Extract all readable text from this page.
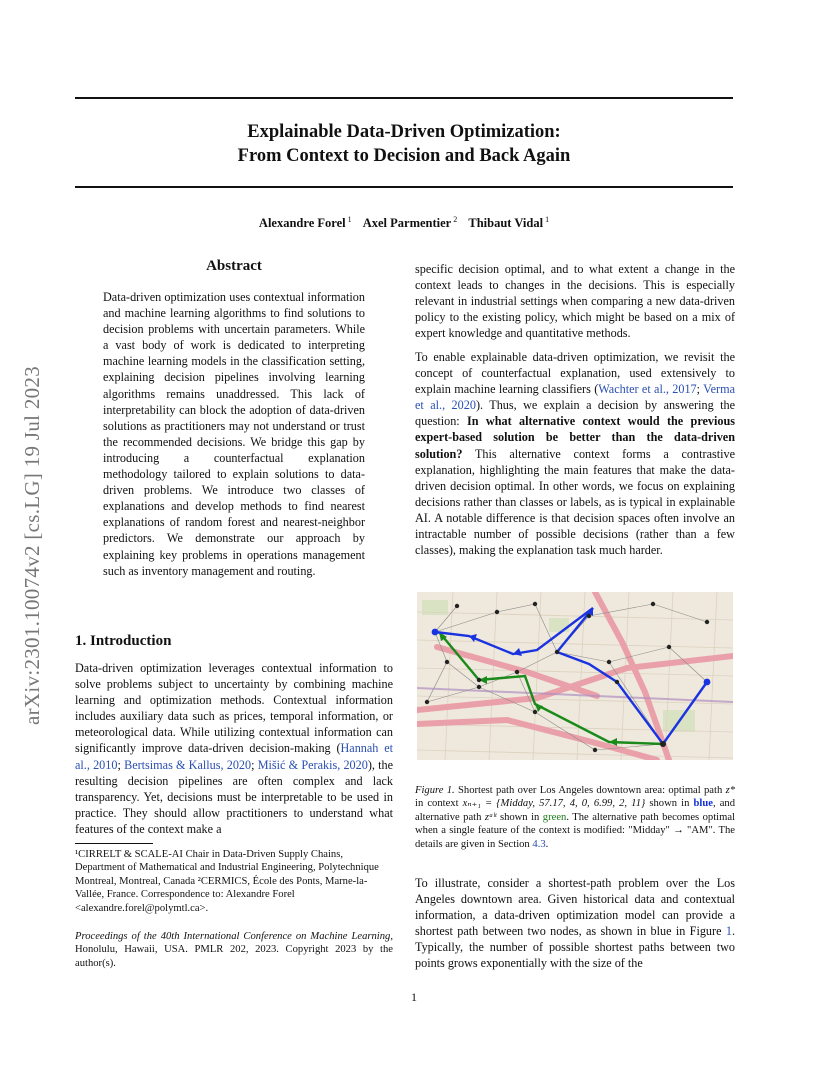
Explainable Data-Driven Optimization:
From Context to Decision and Back Again
Alexandre Forel $^1$ Axel Parmentier $^2$ Thibaut Vidal $^1$
arXiv:2301.10074v2 [cs.LG] 19 Jul 2023
Abstract

Data-driven optimization uses contextual information and machine learning algorithms to find solutions to decision problems with uncertain parameters. While a vast body of work is dedicated to interpreting machine learning models in the classification setting, explaining decision pipelines involving learning algorithms remains unaddressed. This lack of interpretability can block the adoption of data-driven solutions as practitioners may not understand or trust the recommended decisions. We bridge this gap by introducing a counterfactual explanation methodology tailored to explain solutions to data-driven problems. We introduce two classes of explanations and develop methods to find nearest explanations of random forest and nearest-neighbor predictors. We demonstrate our approach by explaining key problems in operations management such as inventory management and routing.

1. Introduction

Data-driven optimization leverages contextual information to solve problems subject to uncertainty by combining machine learning and optimization methods. Contextual information includes auxiliary data such as prices, temporal information, or meteorological data. While utilizing contextual information can significantly improve data-driven decision-making (Hannah et al., 2010; Bertsimas & Kallus, 2020; Mišić & Perakis, 2020), the resulting decision pipelines are often complex and lack transparency. Yet, decisions must be interpretable to be used in practice. They should allow practitioners to understand what features of the context make a

¹CIRRELT & SCALE-AI Chair in Data-Driven Supply Chains, Department of Mathematical and Industrial Engineering, Polytechnique Montreal, Montreal, Canada ²CERMICS, École des Ponts, Marne-la-Vallée, France. Correspondence to: Alexandre Forel <alexandre.forel@polymtl.ca>.

Proceedings of the 40th International Conference on Machine Learning, Honolulu, Hawaii, USA. PMLR 202, 2023. Copyright 2023 by the author(s).

specific decision optimal, and to what extent a change in the context leads to changes in the decisions. This is especially relevant in industrial settings when comparing a new data-driven policy to the existing policy, which might be based on a mix of expert knowledge and quantitative methods.

To enable explainable data-driven optimization, we revisit the concept of counterfactual explanation, used extensively to explain machine learning classifiers (Wachter et al., 2017; Verma et al., 2020). Thus, we explain a decision by answering the question: In what alternative context would the previous expert-based solution be better than the data-driven solution? This alternative context forms a contrastive explanation, highlighting the main features that make the data-driven decision optimal. In other words, we focus on explaining decisions rather than classes or labels, as is typical in explainable AI. A notable difference is that decision spaces often involve an intractable number of possible decisions (rather than a few classes), making the explanation task much harder.

Figure 1. Shortest path over Los Angeles downtown area: optimal path z* in context xₙ₊₁ = {Midday, 57.17, 4, 0, 6.99, 2, 11} shown in blue, and alternative path zᵃˡᵗ shown in green. The alternative path becomes optimal when a single feature of the context is modified: "Midday" → "AM". The details are given in Section 4.3.

To illustrate, consider a shortest-path problem over the Los Angeles downtown area. Given historical data and contextual information, a data-driven optimization model can provide a shortest path between two nodes, as shown in blue in Figure 1. Typically, the number of possible shortest paths between two points grows exponentially with the size of the

1
